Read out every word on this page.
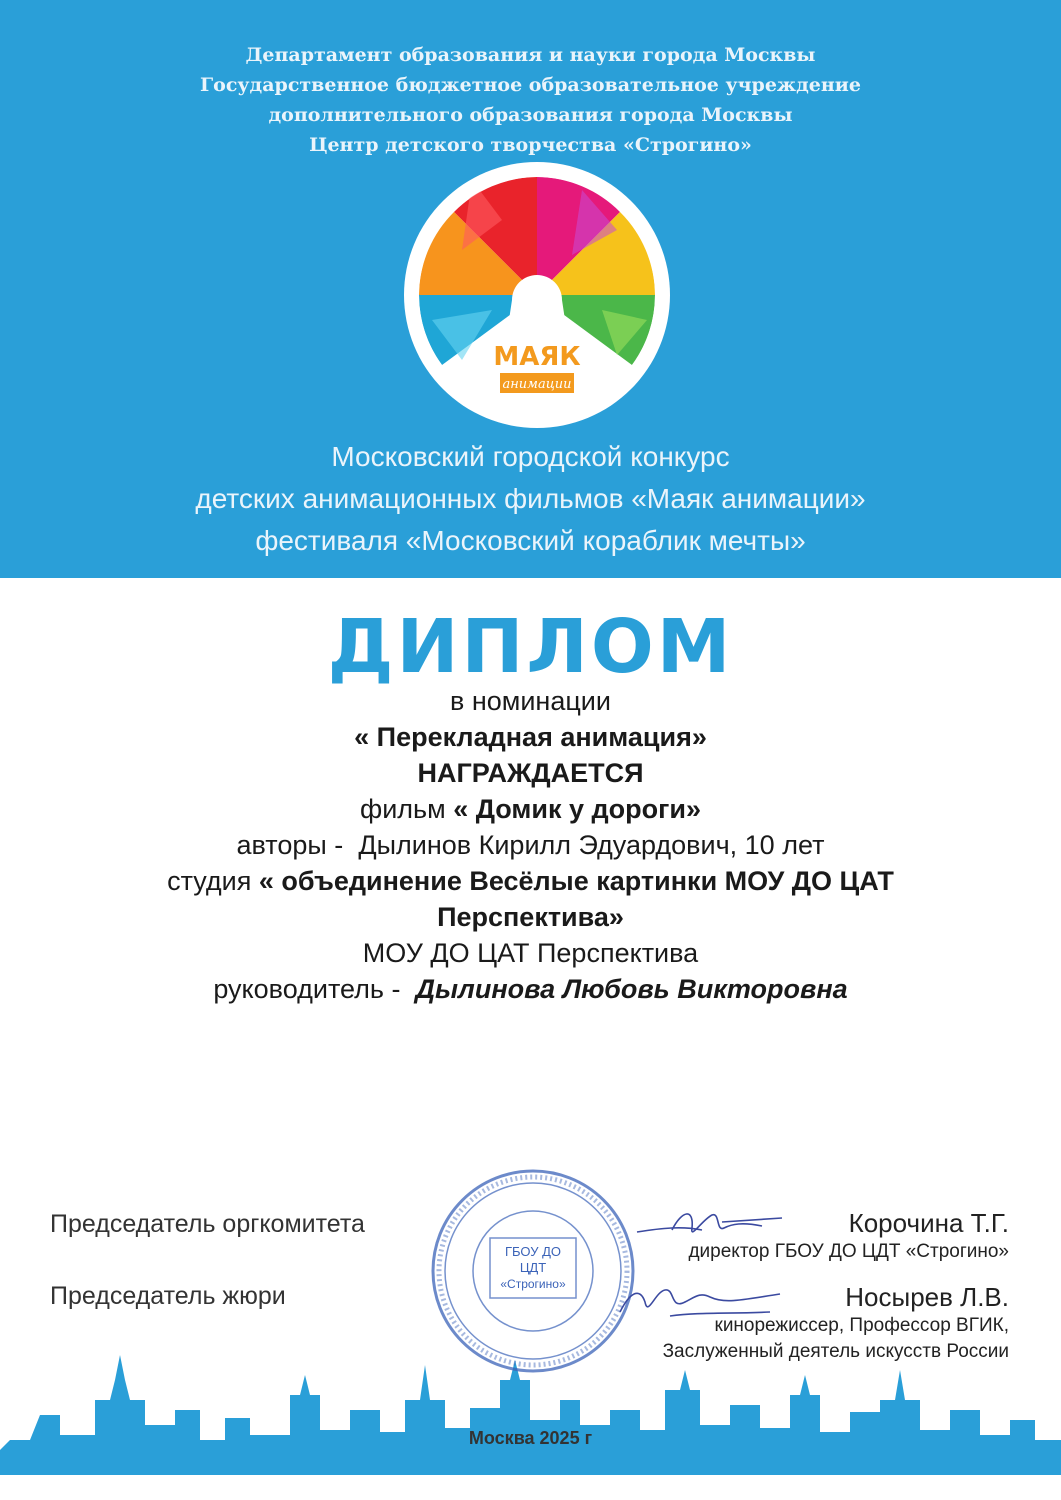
Департамент образования и науки города Москвы
Государственное бюджетное образовательное учреждение
дополнительного образования города Москвы
Центр детского творчества «Строгино»
МАЯК
анимации
Московский городской конкурс
детских анимационных фильмов «Маяк анимации»
фестиваля «Московский кораблик мечты»
ДИПЛОМ
в номинации
« Перекладная анимация»
НАГРАЖДАЕТСЯ
фильм « Домик у дороги»
авторы - Дылинов Кирилл Эдуардович, 10 лет
студия « объединение Весёлые картинки МОУ ДО ЦАТ
Перспектива»
МОУ ДО ЦАТ Перспектива
руководитель - Дылинова Любовь Викторовна
Председатель оргкомитета
Председатель жюри
Корочина Т.Г.
директор ГБОУ ДО ЦДТ «Строгино»
Носырев Л.В.
кинорежиссер, Профессор ВГИК,
Заслуженный деятель искусств России
ГБОУ ДО
ЦДТ
«Строгино»
Москва 2025 г
